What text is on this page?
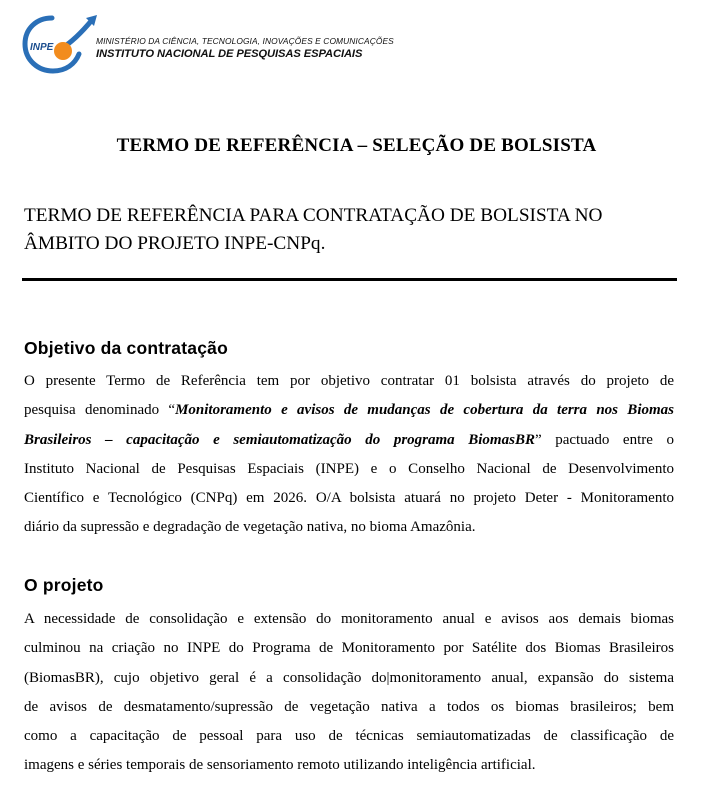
INPE
MINISTÉRIO DA CIÊNCIA, TECNOLOGIA, INOVAÇÕES E COMUNICAÇÕES
INSTITUTO NACIONAL DE PESQUISAS ESPACIAIS
TERMO DE REFERÊNCIA – SELEÇÃO DE BOLSISTA
TERMO DE REFERÊNCIA PARA CONTRATAÇÃO DE BOLSISTA NO
ÂMBITO DO PROJETO INPE-CNPq.
Objetivo da contratação
O presente Termo de Referência tem por objetivo contratar 01 bolsista através do projeto de
pesquisa denominado “Monitoramento e avisos de mudanças de cobertura da terra nos Biomas
Brasileiros – capacitação e semiautomatização do programa BiomasBR” pactuado entre o
Instituto Nacional de Pesquisas Espaciais (INPE) e o Conselho Nacional de Desenvolvimento
Científico e Tecnológico (CNPq) em 2026. O/A bolsista atuará no projeto Deter - Monitoramento
diário da supressão e degradação de vegetação nativa, no bioma Amazônia.
O projeto
A necessidade de consolidação e extensão do monitoramento anual e avisos aos demais biomas
culminou na criação no INPE do Programa de Monitoramento por Satélite dos Biomas Brasileiros
(BiomasBR), cujo objetivo geral é a consolidação do|monitoramento anual, expansão do sistema
de avisos de desmatamento/supressão de vegetação nativa a todos os biomas brasileiros; bem
como a capacitação de pessoal para uso de técnicas semiautomatizadas de classificação de
imagens e séries temporais de sensoriamento remoto utilizando inteligência artificial.
